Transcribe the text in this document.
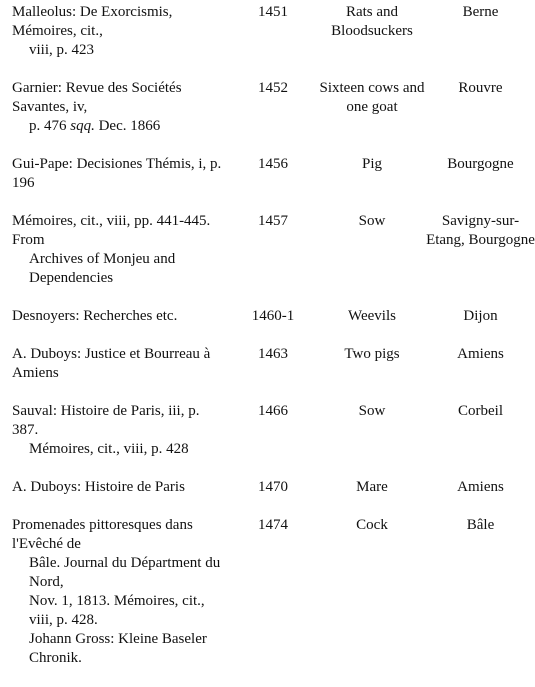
Malleolus: De Exorcismis, Mémoires, cit.,
viii, p. 423	1451	Rats and Bloodsuckers	Berne

Garnier: Revue des Sociétés Savantes, iv,
p. 476 sqq. Dec. 1866	1452	Sixteen cows and one goat	Rouvre

Gui-Pape: Decisiones Thémis, i, p. 196	1456	Pig	Bourgogne

Mémoires, cit., viii, pp. 441-445. From
Archives of Monjeu and Dependencies	1457	Sow	Savigny-sur-Etang, Bourgogne

Desnoyers: Recherches etc.	1460-1	Weevils	Dijon

A. Duboys: Justice et Bourreau à Amiens	1463	Two pigs	Amiens

Sauval: Histoire de Paris, iii, p. 387.
Mémoires, cit., viii, p. 428	1466	Sow	Corbeil

A. Duboys: Histoire de Paris	1470	Mare	Amiens

Promenades pittoresques dans l'Evêché de
Bâle. Journal du Départment du Nord,
Nov. 1, 1813. Mémoires, cit., viii, p. 428.
Johann Gross: Kleine Baseler Chronik.	1474	Cock	Bâle
